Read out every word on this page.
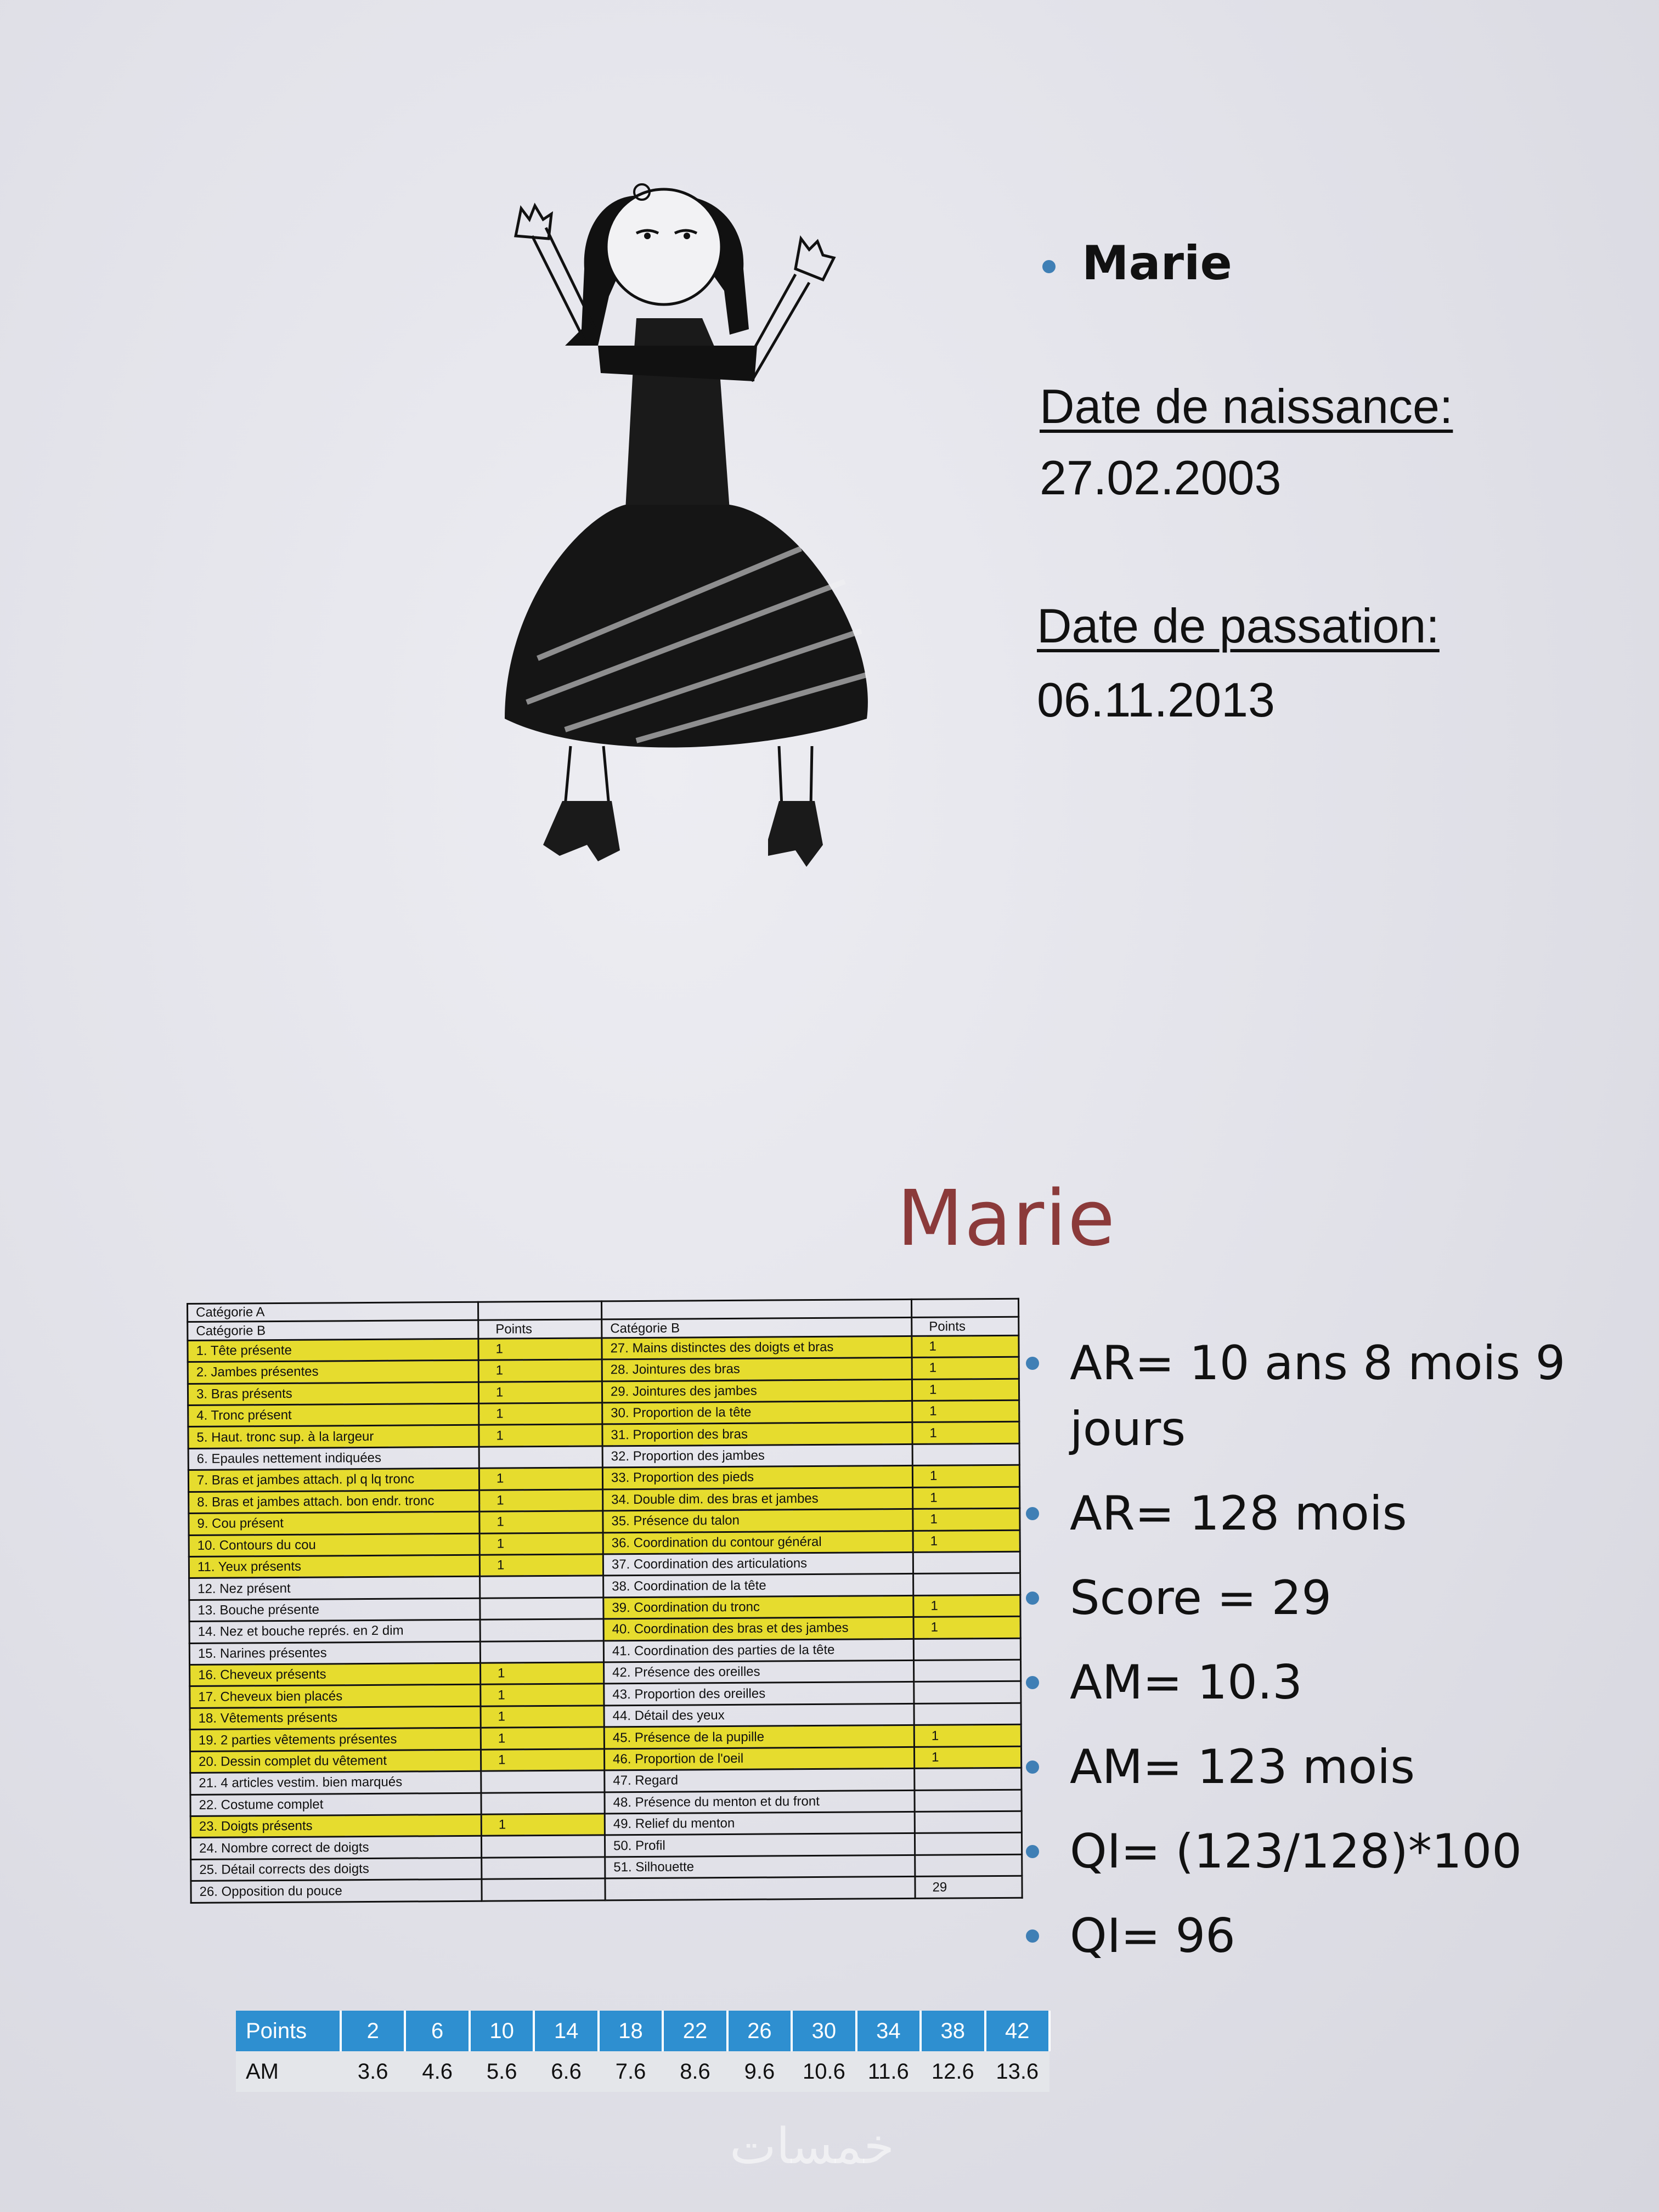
Marie
Date de naissance:
27.02.2003
Date de passation:
06.11.2013
Marie
Catégorie A			
Catégorie B	Points	Catégorie B	Points
1. Tête présente	1	27. Mains distinctes des doigts et bras	1
2. Jambes présentes	1	28. Jointures des bras	1
3. Bras présents	1	29. Jointures des jambes	1
4. Tronc présent	1	30. Proportion de la tête	1
5. Haut. tronc sup. à la largeur	1	31. Proportion des bras	1
6. Epaules nettement indiquées		32. Proportion des jambes	
7. Bras et jambes attach. pl q lq tronc	1	33. Proportion des pieds	1
8. Bras et jambes attach. bon endr. tronc	1	34. Double dim. des bras et jambes	1
9. Cou présent	1	35. Présence du talon	1
10. Contours du cou	1	36. Coordination du contour général	1
11. Yeux présents	1	37. Coordination des articulations	
12. Nez présent		38. Coordination de la tête	
13. Bouche présente		39. Coordination du tronc	1
14. Nez et bouche représ. en 2 dim		40. Coordination des bras et des jambes	1
15. Narines présentes		41. Coordination des parties de la tête	
16. Cheveux présents	1	42. Présence des oreilles	
17. Cheveux bien placés	1	43. Proportion des oreilles	
18. Vêtements présents	1	44. Détail des yeux	
19. 2 parties vêtements présentes	1	45. Présence de la pupille	1
20. Dessin complet du vêtement	1	46. Proportion de l'oeil	1
21. 4 articles vestim. bien marqués		47. Regard	
22. Costume complet		48. Présence du menton et du front	
23. Doigts présents	1	49. Relief du menton	
24. Nombre correct de doigts		50. Profil	
25. Détail corrects des doigts		51. Silhouette	
26. Opposition du pouce			29
AR= 10 ans 8 mois 9 jours
AR= 128 mois
Score = 29
AM= 10.3
AM= 123 mois
QI= (123/128)*100
QI= 96
Points	2	6	10	14	18	22	26	30	34	38	42
AM	3.6	4.6	5.6	6.6	7.6	8.6	9.6	10.6	11.6	12.6	13.6
خمسات
